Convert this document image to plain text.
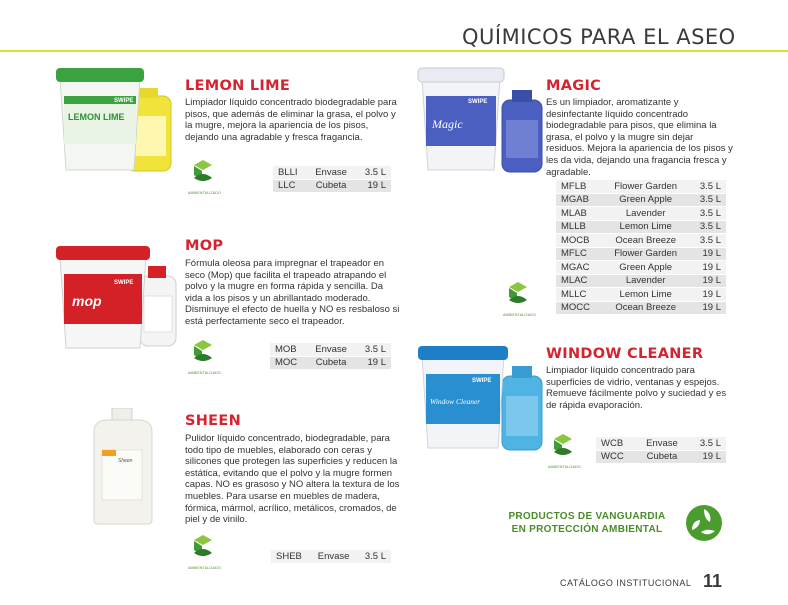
QUÍMICOS PARA EL ASEO
SWIPE
LEMON LIME
LEMON LIME
Limpiador líquido concentrado biodegradable para pisos, que además de eliminar la grasa, el polvo y la mugre, mejora la apariencia de los pisos, dejando una agradable y fresca fragancia.
AMBIENTALIZADO
BLLI	Envase	3.5 L
LLC	Cubeta	19 L
SWIPE
mop
MOP
Fórmula oleosa para impregnar el trapeador en seco (Mop) que facilita el trapeado atrapando el polvo y la mugre en forma rápida y sencilla. Da vida a los pisos y un abrillantado moderado. Disminuye el efecto de huella y NO es resbaloso si está perfectamente seco el trapeador.
AMBIENTALIZADO
MOB	Envase	3.5 L
MOC	Cubeta	19 L
Sheen
SHEEN
Pulidor líquido concentrado, biodegradable, para todo tipo de muebles, elaborado con ceras y silicones que protegen las superficies y reducen la estática, evitando que el polvo y la mugre formen capas. NO es grasoso y NO altera la textura de los muebles. Para usarse en muebles de madera, fórmica, mármol, acrílico, metálicos, cromados, de piel y de vinilo.
AMBIENTALIZADO
SHEB	Envase	3.5 L
SWIPE
Magic
MAGIC
Es un limpiador, aromatizante y desinfectante líquido concentrado biodegradable para pisos, que elimina la grasa, el polvo y la mugre sin dejar residuos. Mejora la apariencia de los pisos y les da vida, dejando una fragancia fresca y agradable.
AMBIENTALIZADO
MFLB	Flower Garden	3.5 L
MGAB	Green Apple	3.5 L
MLAB	Lavender	3.5 L
MLLB	Lemon Lime	3.5 L
MOCB	Ocean Breeze	3.5 L
MFLC	Flower Garden	19 L
MGAC	Green Apple	19 L
MLAC	Lavender	19 L
MLLC	Lemon Lime	19 L
MOCC	Ocean Breeze	19 L
SWIPE
Window Cleaner
WINDOW CLEANER
Limpiador líquido concentrado para superficies de vidrio, ventanas y espejos. Remueve fácilmente polvo y suciedad y es de rápida evaporación.
AMBIENTALIZADO
WCB	Envase	3.5 L
WCC	Cubeta	19 L
PRODUCTOS DE VANGUARDIA
EN PROTECCIÓN AMBIENTAL
CATÁLOGO INSTITUCIONAL 11
